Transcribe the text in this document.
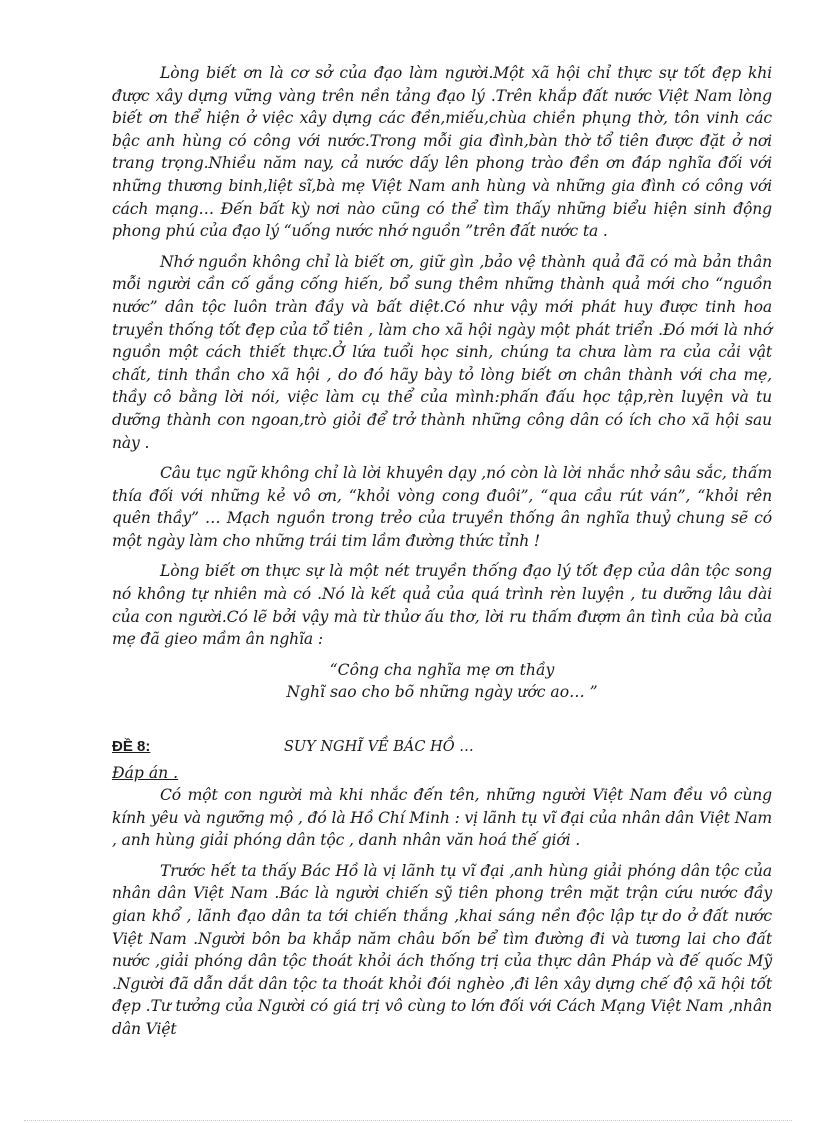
Lòng biết ơn là cơ sở của đạo làm người.Một xã hội chỉ thực sự tốt đẹp khi được xây dựng vững vàng trên nền tảng đạo lý .Trên khắp đất nước Việt Nam lòng biết ơn thể hiện ở việc xây dựng các đền,miếu,chùa chiền phụng thờ, tôn vinh các bậc anh hùng có công với nước.Trong mỗi gia đình,bàn thờ tổ tiên được đặt ở nơi trang trọng.Nhiều năm nay, cả nước dấy lên phong trào đền ơn đáp nghĩa đối với những thương binh,liệt sĩ,bà mẹ Việt Nam anh hùng và những gia đình có công với cách mạng… Đến bất kỳ nơi nào cũng có thể tìm thấy những biểu hiện sinh động phong phú của đạo lý “uống nước nhớ nguồn ”trên đất nước ta .

Nhớ nguồn không chỉ là biết ơn, giữ gìn ,bảo vệ thành quả đã có mà bản thân mỗi người cần cố gắng cống hiến, bổ sung thêm những thành quả mới cho “nguồn nước” dân tộc luôn tràn đầy và bất diệt.Có như vậy mới phát huy được tinh hoa truyền thống tốt đẹp của tổ tiên , làm cho xã hội ngày một phát triển .Đó mới là nhớ nguồn một cách thiết thực.Ở lứa tuổi học sinh, chúng ta chưa làm ra của cải vật chất, tinh thần cho xã hội , do đó hãy bày tỏ lòng biết ơn chân thành với cha mẹ, thầy cô bằng lời nói, việc làm cụ thể của mình:phấn đấu học tập,rèn luyện và tu dưỡng thành con ngoan,trò giỏi để trở thành những công dân có ích cho xã hội sau này .

Câu tục ngữ không chỉ là lời khuyên dạy ,nó còn là lời nhắc nhở sâu sắc, thấm thía đối với những kẻ vô ơn, “khỏi vòng cong đuôi”, “qua cầu rút ván”, “khỏi rên quên thầy” … Mạch nguồn trong trẻo của truyền thống ân nghĩa thuỷ chung sẽ có một ngày làm cho những trái tim lầm đường thức tỉnh !

Lòng biết ơn thực sự là một nét truyền thống đạo lý tốt đẹp của dân tộc song nó không tự nhiên mà có .Nó là kết quả của quá trình rèn luyện , tu dưỡng lâu dài của con người.Có lẽ bởi vậy mà từ thủơ ấu thơ, lời ru thấm đượm ân tình của bà của mẹ đã gieo mầm ân nghĩa :

“Công cha nghĩa mẹ ơn thầy
Nghĩ sao cho bõ những ngày ước ao… ”
ĐỀ 8:	SUY NGHĨ VỀ BÁC HỒ …
Đáp án .

Có một con người mà khi nhắc đến tên, những người Việt Nam đều vô cùng kính yêu và ngưỡng mộ , đó là Hồ Chí Minh : vị lãnh tụ vĩ đại của nhân dân Việt Nam , anh hùng giải phóng dân tộc , danh nhân văn hoá thế giới .

Trước hết ta thấy Bác Hồ là vị lãnh tụ vĩ đại ,anh hùng giải phóng dân tộc của nhân dân Việt Nam .Bác là người chiến sỹ tiên phong trên mặt trận cứu nước đầy gian khổ , lãnh đạo dân ta tới chiến thắng ,khai sáng nền độc lập tự do ở đất nước Việt Nam .Người bôn ba khắp năm châu bốn bể tìm đường đi và tương lai cho đất nước ,giải phóng dân tộc thoát khỏi ách thống trị của thực dân Pháp và đế quốc Mỹ .Người đã dẫn dắt dân tộc ta thoát khỏi đói nghèo ,đi lên xây dựng chế độ xã hội tốt đẹp .Tư tưởng của Người có giá trị vô cùng to lớn đối với Cách Mạng Việt Nam ,nhân dân Việt
